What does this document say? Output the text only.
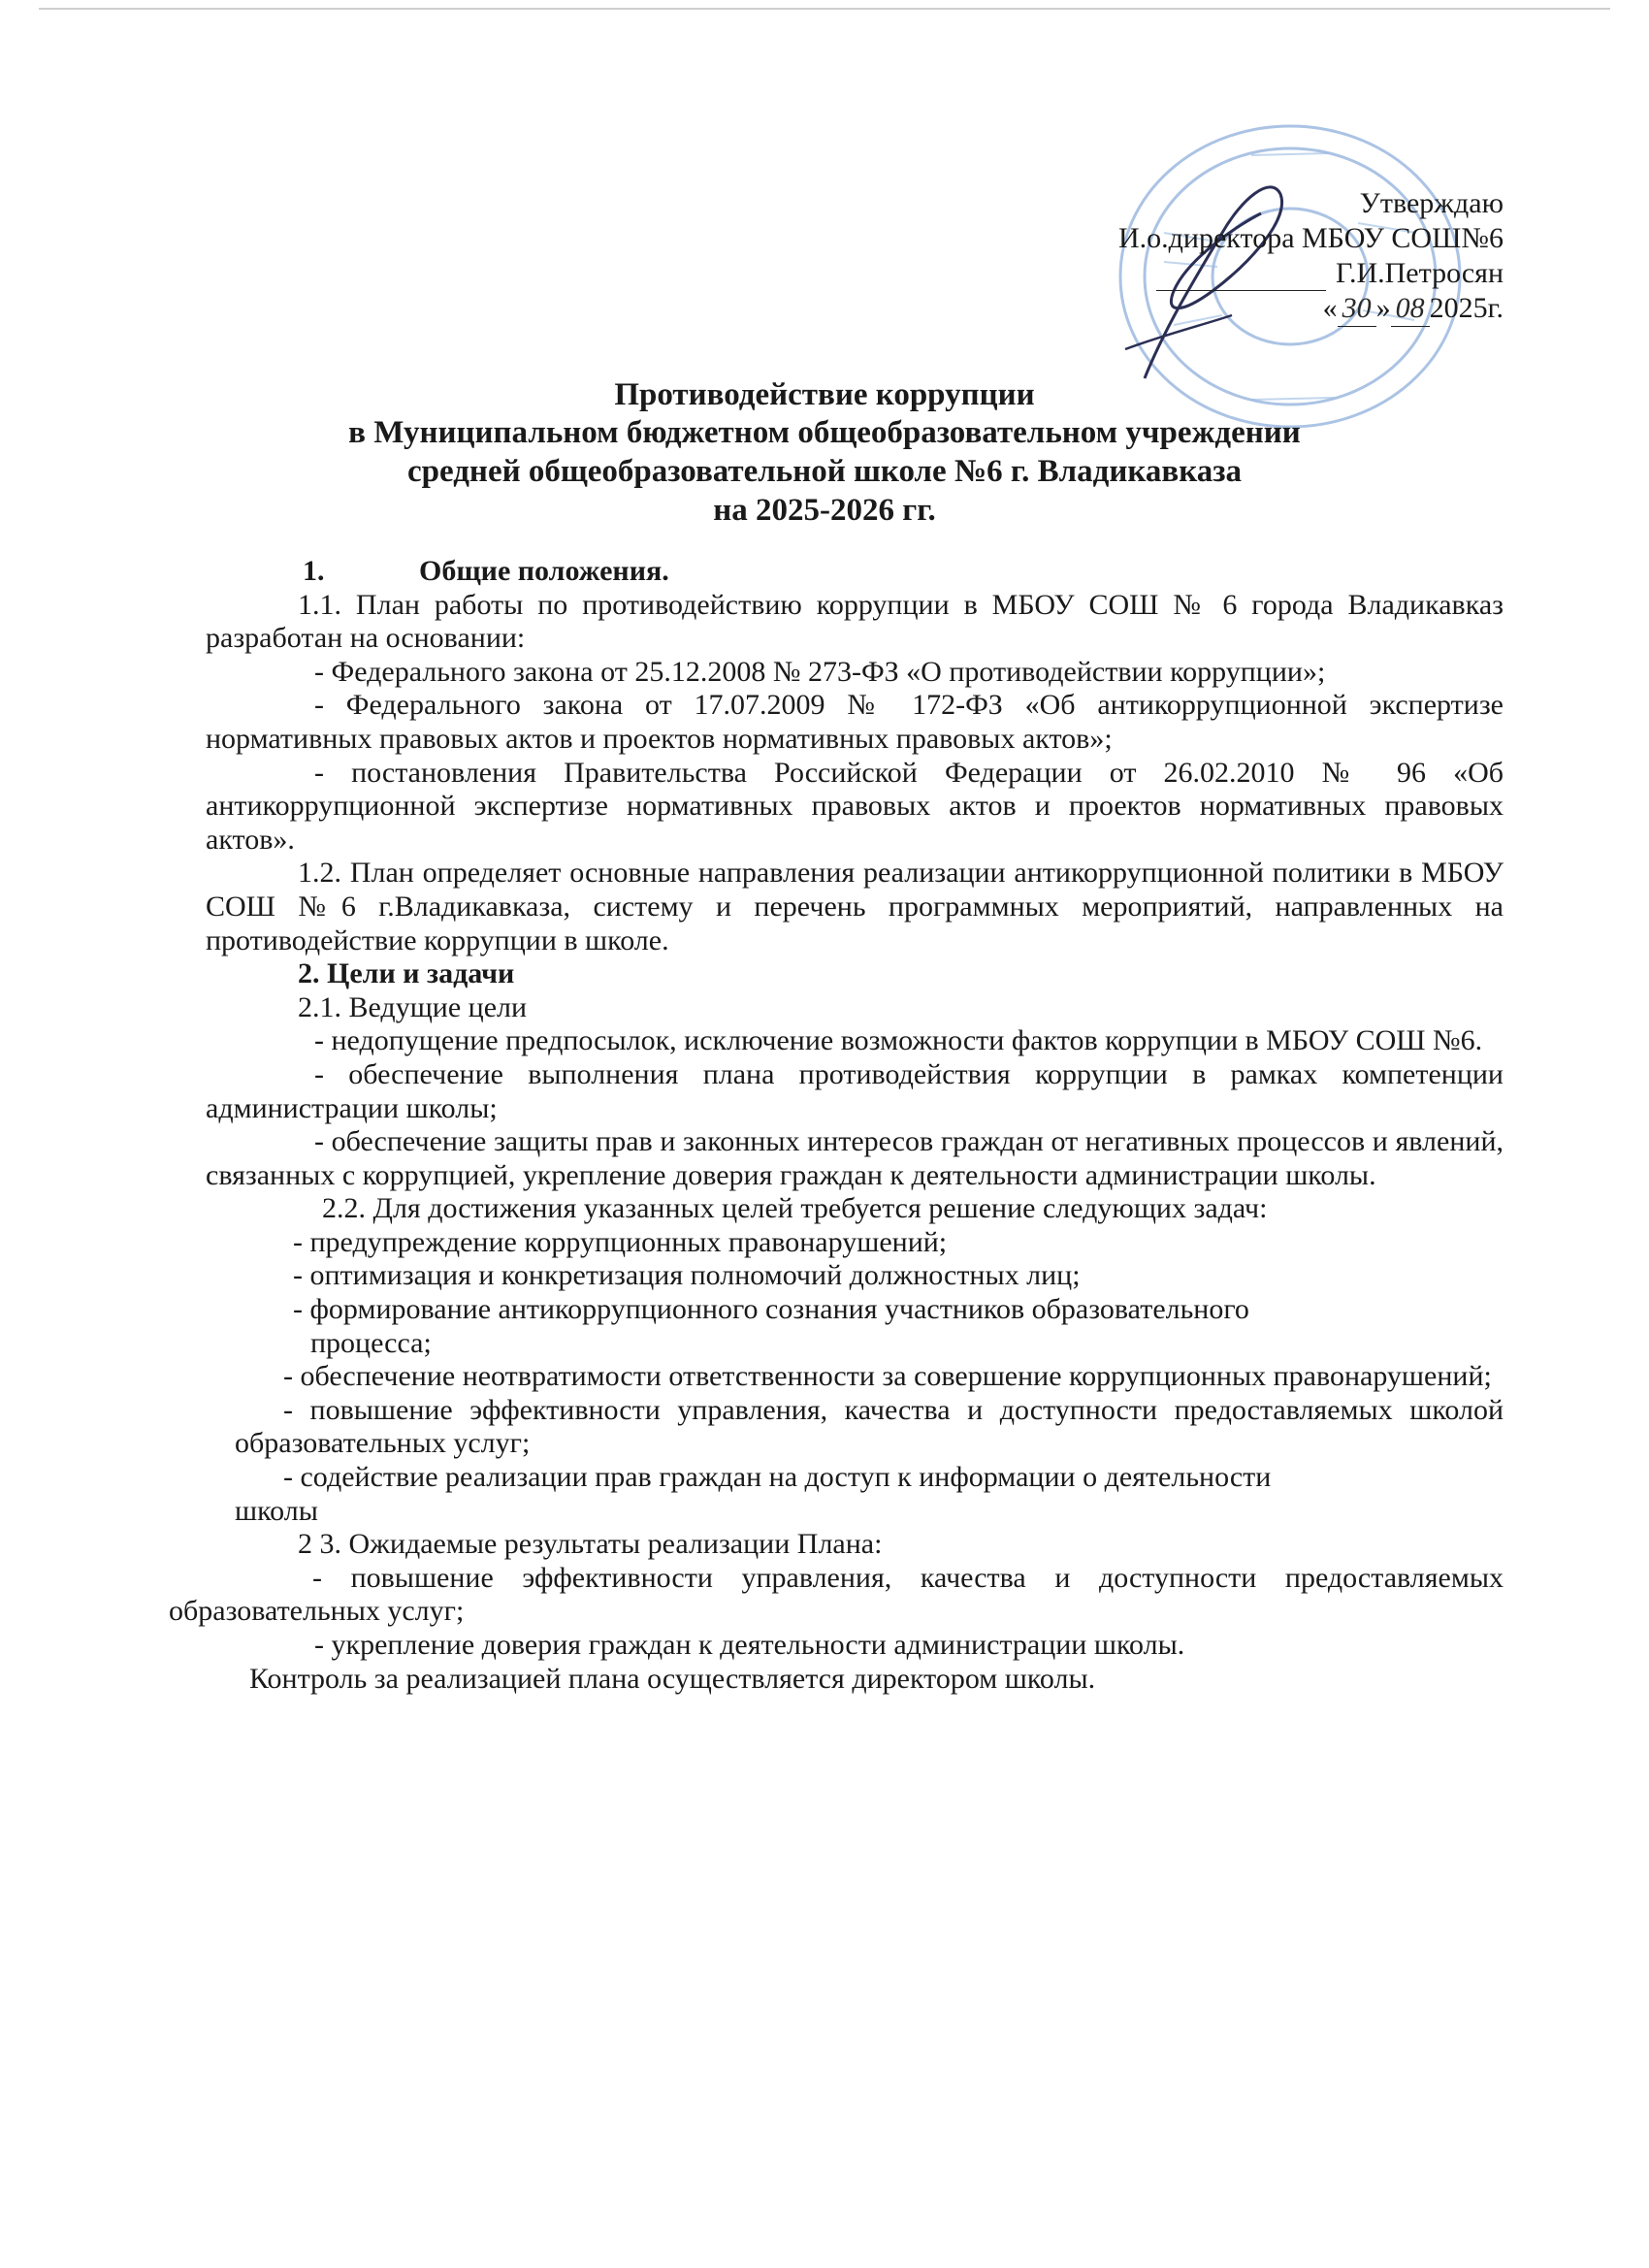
Утверждаю
И.о.директора МБОУ СОШ№6
Г.И.Петросян
« 30 » 08 2025г.
Противодействие коррупции
в Муниципальном бюджетном общеобразовательном учреждении
средней общеобразовательной школе №6 г. Владикавказа
на 2025-2026 гг.

1.	Общие положения.

1.1. План работы по противодействию коррупции в МБОУ СОШ № 6 города Владикавказ разработан на основании:

- Федерального закона от 25.12.2008 № 273-ФЗ «О противодействии коррупции»;

- Федерального закона от 17.07.2009 № 172-ФЗ «Об антикоррупционной экспертизе нормативных правовых актов и проектов нормативных правовых актов»;

- постановления Правительства Российской Федерации от 26.02.2010 № 96 «Об антикоррупционной экспертизе нормативных правовых актов и проектов нормативных правовых актов».

1.2. План определяет основные направления реализации антикоррупционной политики в МБОУ СОШ №6 г.Владикавказа, систему и перечень программных мероприятий, направленных на противодействие коррупции в школе.

2. Цели и задачи

2.1. Ведущие цели

- недопущение предпосылок, исключение возможности фактов коррупции в МБОУ СОШ №6.

- обеспечение выполнения плана противодействия коррупции в рамках компетенции администрации школы;

- обеспечение защиты прав и законных интересов граждан от негативных процессов и явлений, связанных с коррупцией, укрепление доверия граждан к деятельности администрации школы.

2.2. Для достижения указанных целей требуется решение следующих задач:

- предупреждение коррупционных правонарушений;

- оптимизация и конкретизация полномочий должностных лиц;

- формирование антикоррупционного сознания участников образовательного

процесса;

- обеспечение неотвратимости ответственности за совершение коррупционных правонарушений;

- повышение эффективности управления, качества и доступности предоставляемых школой образовательных услуг;

- содействие реализации прав граждан на доступ к информации о деятельности

школы

2 3. Ожидаемые результаты реализации Плана:

- повышение эффективности управления, качества и доступности предоставляемых образовательных услуг;

- укрепление доверия граждан к деятельности администрации школы.

Контроль за реализацией плана осуществляется директором школы.
